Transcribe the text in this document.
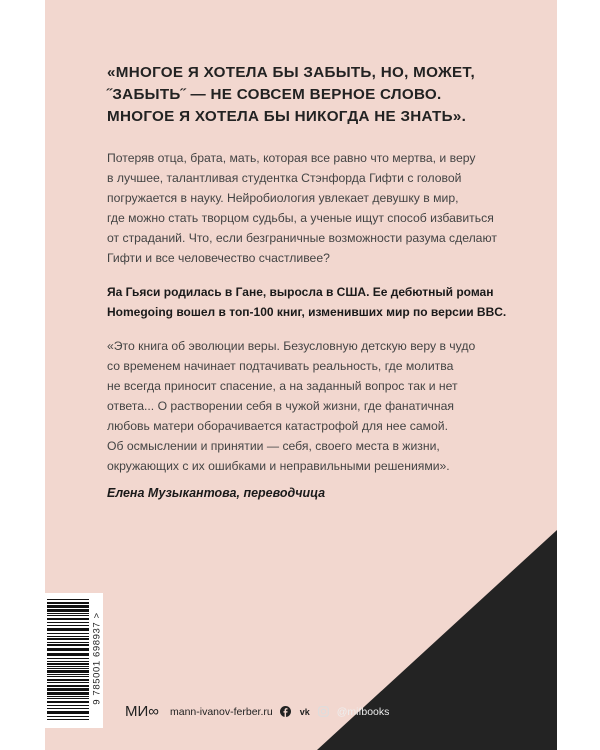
«МНОГОЕ Я ХОТЕЛА БЫ ЗАБЫТЬ, НО, МОЖЕТ,
˝ЗАБЫТЬ˝ — НЕ СОВСЕМ ВЕРНОЕ СЛОВО.
МНОГОЕ Я ХОТЕЛА БЫ НИКОГДА НЕ ЗНАТЬ».
Потеряв отца, брата, мать, которая все равно что мертва, и веру
в лучшее, талантливая студентка Стэнфорда Гифти с головой
погружается в науку. Нейробиология увлекает девушку в мир,
где можно стать творцом судьбы, а ученые ищут способ избавиться
от страданий. Что, если безграничные возможности разума сделают
Гифти и все человечество счастливее?
Яа Гьяси родилась в Гане, выросла в США. Ее дебютный роман
Homegoing вошел в топ-100 книг, изменивших мир по версии BBC.
«Это книга об эволюции веры. Безусловную детскую веру в чудо
со временем начинает подтачивать реальность, где молитва
не всегда приносит спасение, а на заданный вопрос так и нет
ответа... О растворении себя в чужой жизни, где фанатичная
любовь матери оборачивается катастрофой для нее самой.
Об осмыслении и принятии — себя, своего места в жизни,
окружающих с их ошибками и неправильными решениями».

Елена Музыкантова, переводчица

9 785001 698937 >
МИ∞ mann-ivanov-ferber.ru	vk	@mifbooks
